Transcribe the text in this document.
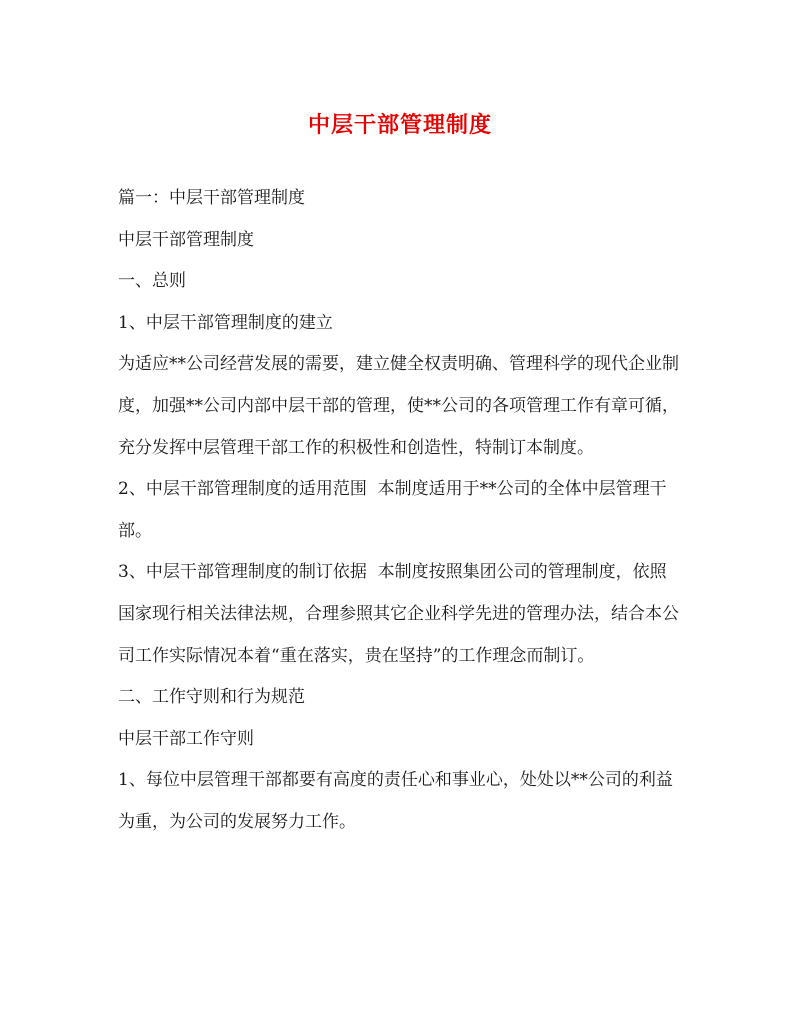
中层干部管理制度

篇一：中层干部管理制度

中层干部管理制度

一、总则

1、中层干部管理制度的建立

为适应**公司经营发展的需要，建立健全权责明确、管理科学的现代企业制度，加强**公司内部中层干部的管理，使**公司的各项管理工作有章可循，充分发挥中层管理干部工作的积极性和创造性，特制订本制度。

2、中层干部管理制度的适用范围  本制度适用于**公司的全体中层管理干部。

3、中层干部管理制度的制订依据  本制度按照集团公司的管理制度，依照国家现行相关法律法规，合理参照其它企业科学先进的管理办法，结合本公司工作实际情况本着“重在落实，贵在坚持”的工作理念而制订。

二、工作守则和行为规范

中层干部工作守则

1、每位中层管理干部都要有高度的责任心和事业心，处处以**公司的利益为重，为公司的发展努力工作。
